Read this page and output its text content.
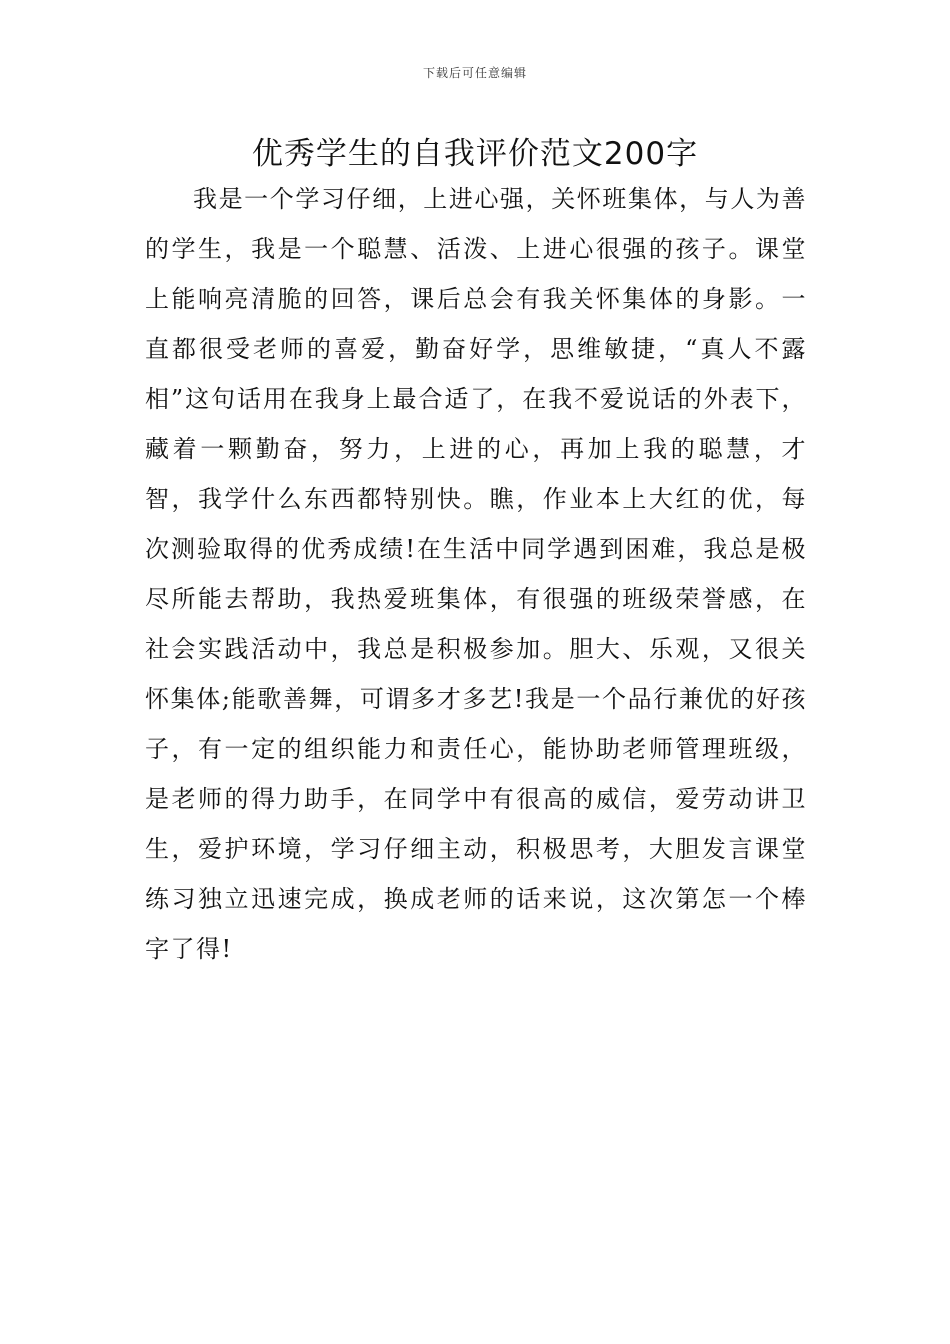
下载后可任意编辑
优秀学生的自我评价范文200字

我是一个学习仔细，上进心强，关怀班集体，与人为善的学生，我是一个聪慧、活泼、上进心很强的孩子。课堂上能响亮清脆的回答，课后总会有我关怀集体的身影。一直都很受老师的喜爱，勤奋好学，思维敏捷，“真人不露相”这句话用在我身上最合适了，在我不爱说话的外表下，藏着一颗勤奋，努力，上进的心，再加上我的聪慧，才智，我学什么东西都特别快。瞧，作业本上大红的优，每次测验取得的优秀成绩!在生活中同学遇到困难，我总是极尽所能去帮助，我热爱班集体，有很强的班级荣誉感，在社会实践活动中，我总是积极参加。胆大、乐观，又很关怀集体;能歌善舞，可谓多才多艺!我是一个品行兼优的好孩子，有一定的组织能力和责任心，能协助老师管理班级，是老师的得力助手，在同学中有很高的威信，爱劳动讲卫生，爱护环境，学习仔细主动，积极思考，大胆发言课堂练习独立迅速完成，换成老师的话来说，这次第怎一个棒字了得!
